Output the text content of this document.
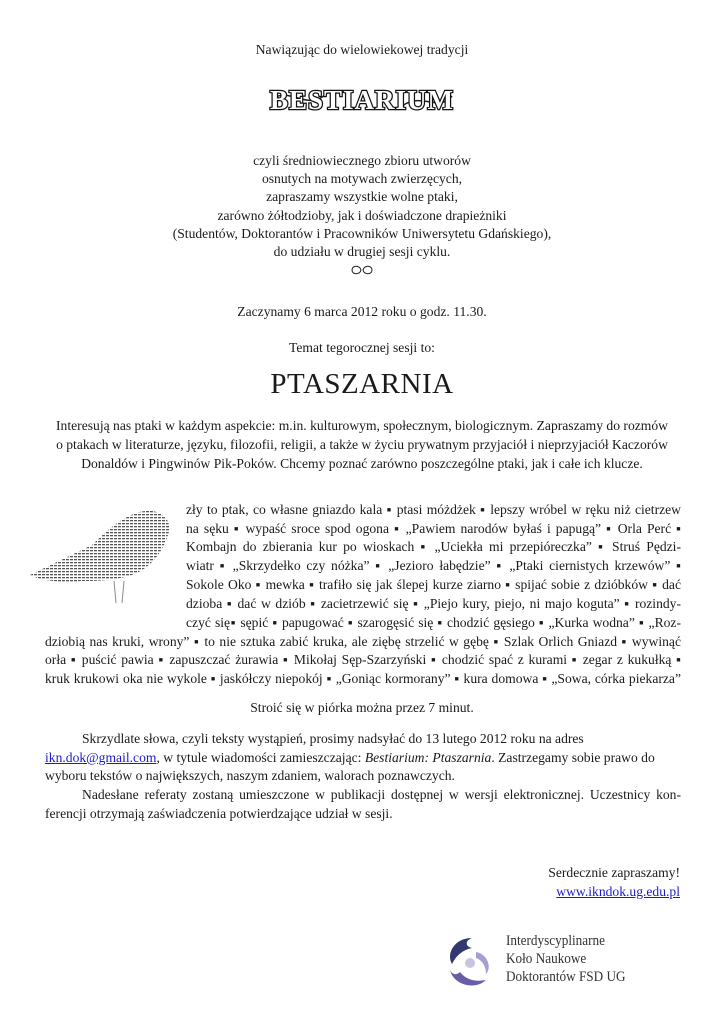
Nawiązując do wielowiekowej tradycji
BESTIARIUM
czyli średniowiecznego zbioru utworów
osnutych na motywach zwierzęcych,
zapraszamy wszystkie wolne ptaki,
zarówno żółtodzioby, jak i doświadczone drapieżniki
(Studentów, Doktorantów i Pracowników Uniwersytetu Gdańskiego),
do udziału w drugiej sesji cyklu.
Zaczynamy 6 marca 2012 roku o godz. 11.30.
Temat tegorocznej sesji to:
PTASZARNIA
Interesują nas ptaki w każdym aspekcie: m.in. kulturowym, społecznym, biologicznym. Zapraszamy do rozmów
o ptakach w literaturze, języku, filozofii, religii, a także w życiu prywatnym przyjaciół i nieprzyjaciół Kaczorów
Donaldów i Pingwinów Pik-Poków. Chcemy poznać zarówno poszczególne ptaki, jak i całe ich klucze.
zły to ptak, co własne gniazdo kala ▪ ptasi móżdżek ▪ lepszy wróbel w ręku niż cietrzew
na sęku ▪ wypaść sroce spod ogona ▪ „Pawiem narodów byłaś i papugą” ▪ Orla Perć ▪
Kombajn do zbierania kur po wioskach ▪ „Uciekła mi przepióreczka” ▪ Struś Pędzi-
wiatr ▪ „Skrzydełko czy nóżka” ▪ „Jezioro łabędzie” ▪ „Ptaki ciernistych krzewów” ▪
Sokole Oko ▪ mewka ▪ trafiło się jak ślepej kurze ziarno ▪ spijać sobie z dzióbków ▪ dać
dzioba ▪ dać w dziób ▪ zacietrzewić się ▪ „Piejo kury, piejo, ni majo koguta” ▪ rozindy-
czyć się▪ sępić ▪ papugować ▪ szarogęsić się ▪ chodzić gęsiego ▪ „Kurka wodna” ▪ „Roz-
dziobią nas kruki, wrony” ▪ to nie sztuka zabić kruka, ale ziębę strzelić w gębę ▪ Szlak Orlich Gniazd ▪ wywinąć
orła ▪ puścić pawia ▪ zapuszczać żurawia ▪ Mikołaj Sęp-Szarzyński ▪ chodzić spać z kurami ▪ zegar z kukułką ▪
kruk krukowi oka nie wykole ▪ jaskółczy niepokój ▪ „Goniąc kormorany” ▪ kura domowa ▪ „Sowa, córka piekarza”
Stroić się w piórka można przez 7 minut.
Skrzydlate słowa, czyli teksty wystąpień, prosimy nadsyłać do 13 lutego 2012 roku na adres
ikn.dok@gmail.com, w tytule wiadomości zamieszczając: Bestiarium: Ptaszarnia. Zastrzegamy sobie prawo do
wyboru tekstów o największych, naszym zdaniem, walorach poznawczych.
Nadesłane referaty zostaną umieszczone w publikacji dostępnej w wersji elektronicznej. Uczestnicy kon-
ferencji otrzymają zaświadczenia potwierdzające udział w sesji.
Serdecznie zapraszamy!
www.ikndok.ug.edu.pl
Interdyscyplinarne
Koło Naukowe
Doktorantów FSD UG
